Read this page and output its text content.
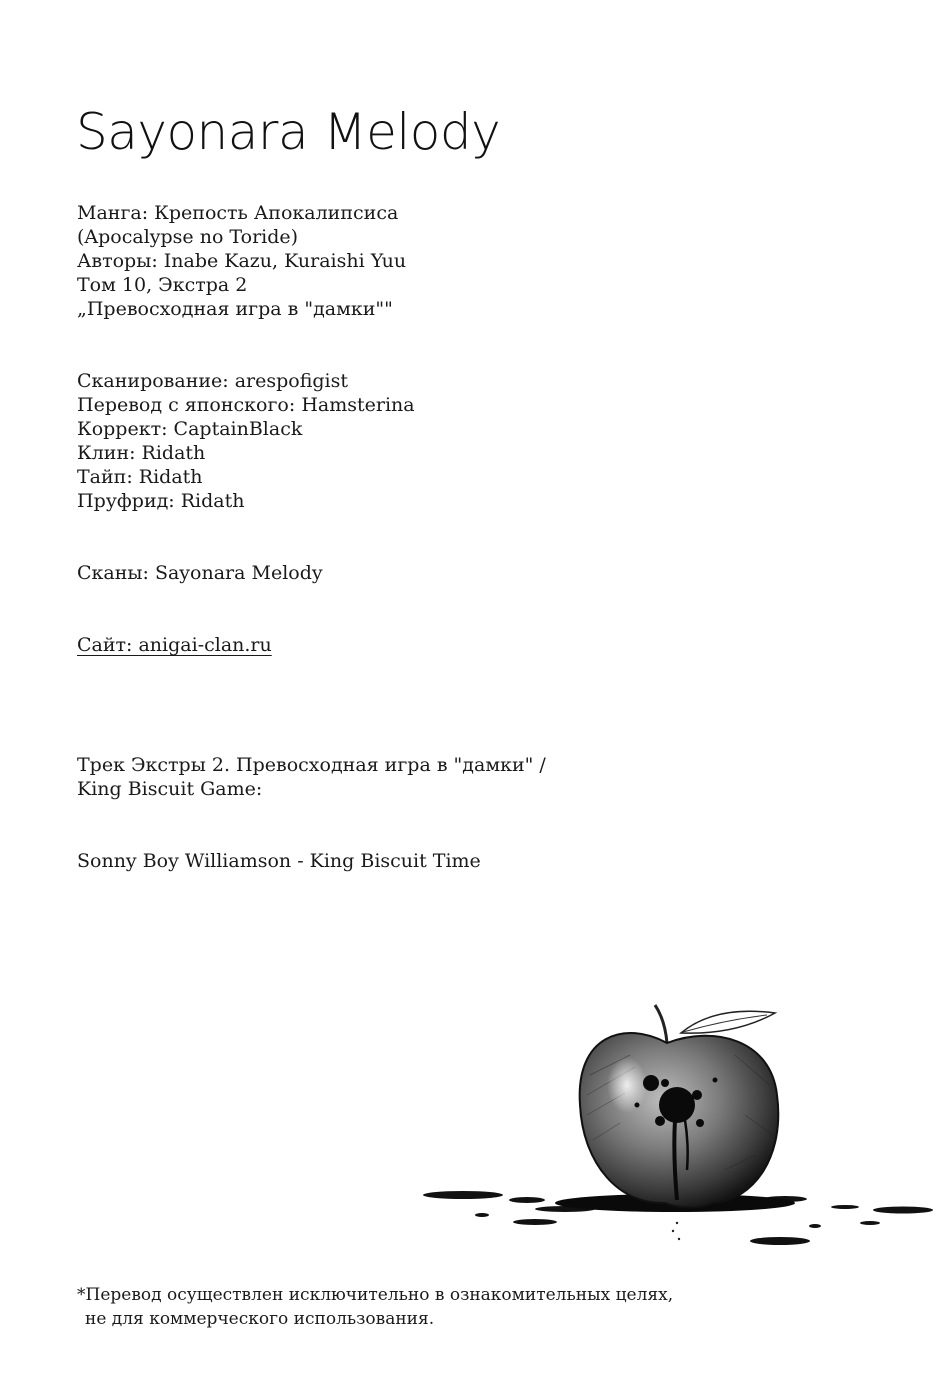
Sayonara Melody
Манга: Крепость Апокалипсиса
(Apocalypse no Toride)
Авторы: Inabe Kazu, Kuraishi Yuu
Том 10, Экстра 2
„Превосходная игра в "дамки""
Сканирование: arespofigist
Перевод с японского: Hamsterina
Коррект: CaptainBlack
Клин: Ridath
Тайп: Ridath
Пруфрид: Ridath
Сканы: Sayonara Melody
Сайт: anigai-clan.ru
Трек Экстры 2. Превосходная игра в "дамки" /
King Biscuit Game:
Sonny Boy Williamson - King Biscuit Time
*Перевод осуществлен исключительно в ознакомительных целях,
не для коммерческого использования.
